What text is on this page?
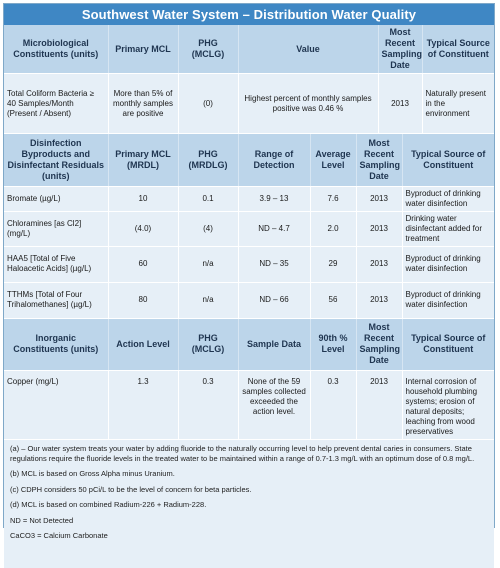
Southwest Water System – Distribution Water Quality
Microbiological Constituents (units)	Primary MCL	PHG (MCLG)	Value	Most Recent Sampling Date	Typical Source of Constituent
Total Coliform Bacteria ≥ 40 Samples/Month (Present / Absent)	More than 5% of monthly samples are positive	(0)	Highest percent of monthly samples positive was 0.46 %	2013	Naturally present in the environment
Disinfection Byproducts and Disinfectant Residuals (units)	Primary MCL (MRDL)	PHG (MRDLG)	Range of Detection	Average Level	Most Recent Sampling Date	Typical Source of Constituent
Bromate (µg/L)	10	0.1	3.9 – 13	7.6	2013	Byproduct of drinking water disinfection
Chloramines [as Cl2] (mg/L)	(4.0)	(4)	ND – 4.7	2.0	2013	Drinking water disinfectant added for treatment
HAA5 [Total of Five Haloacetic Acids] (µg/L)	60	n/a	ND – 35	29	2013	Byproduct of drinking water disinfection
TTHMs [Total of Four Trihalomethanes] (µg/L)	80	n/a	ND – 66	56	2013	Byproduct of drinking water disinfection
Inorganic Constituents (units)	Action Level	PHG (MCLG)	Sample Data	90th % Level	Most Recent Sampling Date	Typical Source of Constituent
Copper (mg/L)	1.3	0.3	None of the 59 samples collected exceeded the action level.	0.3	2013	Internal corrosion of household plumbing systems; erosion of natural deposits; leaching from wood preservatives

(a) – Our water system treats your water by adding fluoride to the naturally occurring level to help prevent dental caries in consumers. State regulations require the fluoride levels in the treated water to be maintained within a range of 0.7-1.3 mg/L with an optimum dose of 0.8 mg/L.

(b) MCL is based on Gross Alpha minus Uranium.

(c) CDPH considers 50 pCi/L to be the level of concern for beta particles.

(d) MCL is based on combined Radium-226 + Radium-228.

ND = Not Detected

CaCO3 = Calcium Carbonate
